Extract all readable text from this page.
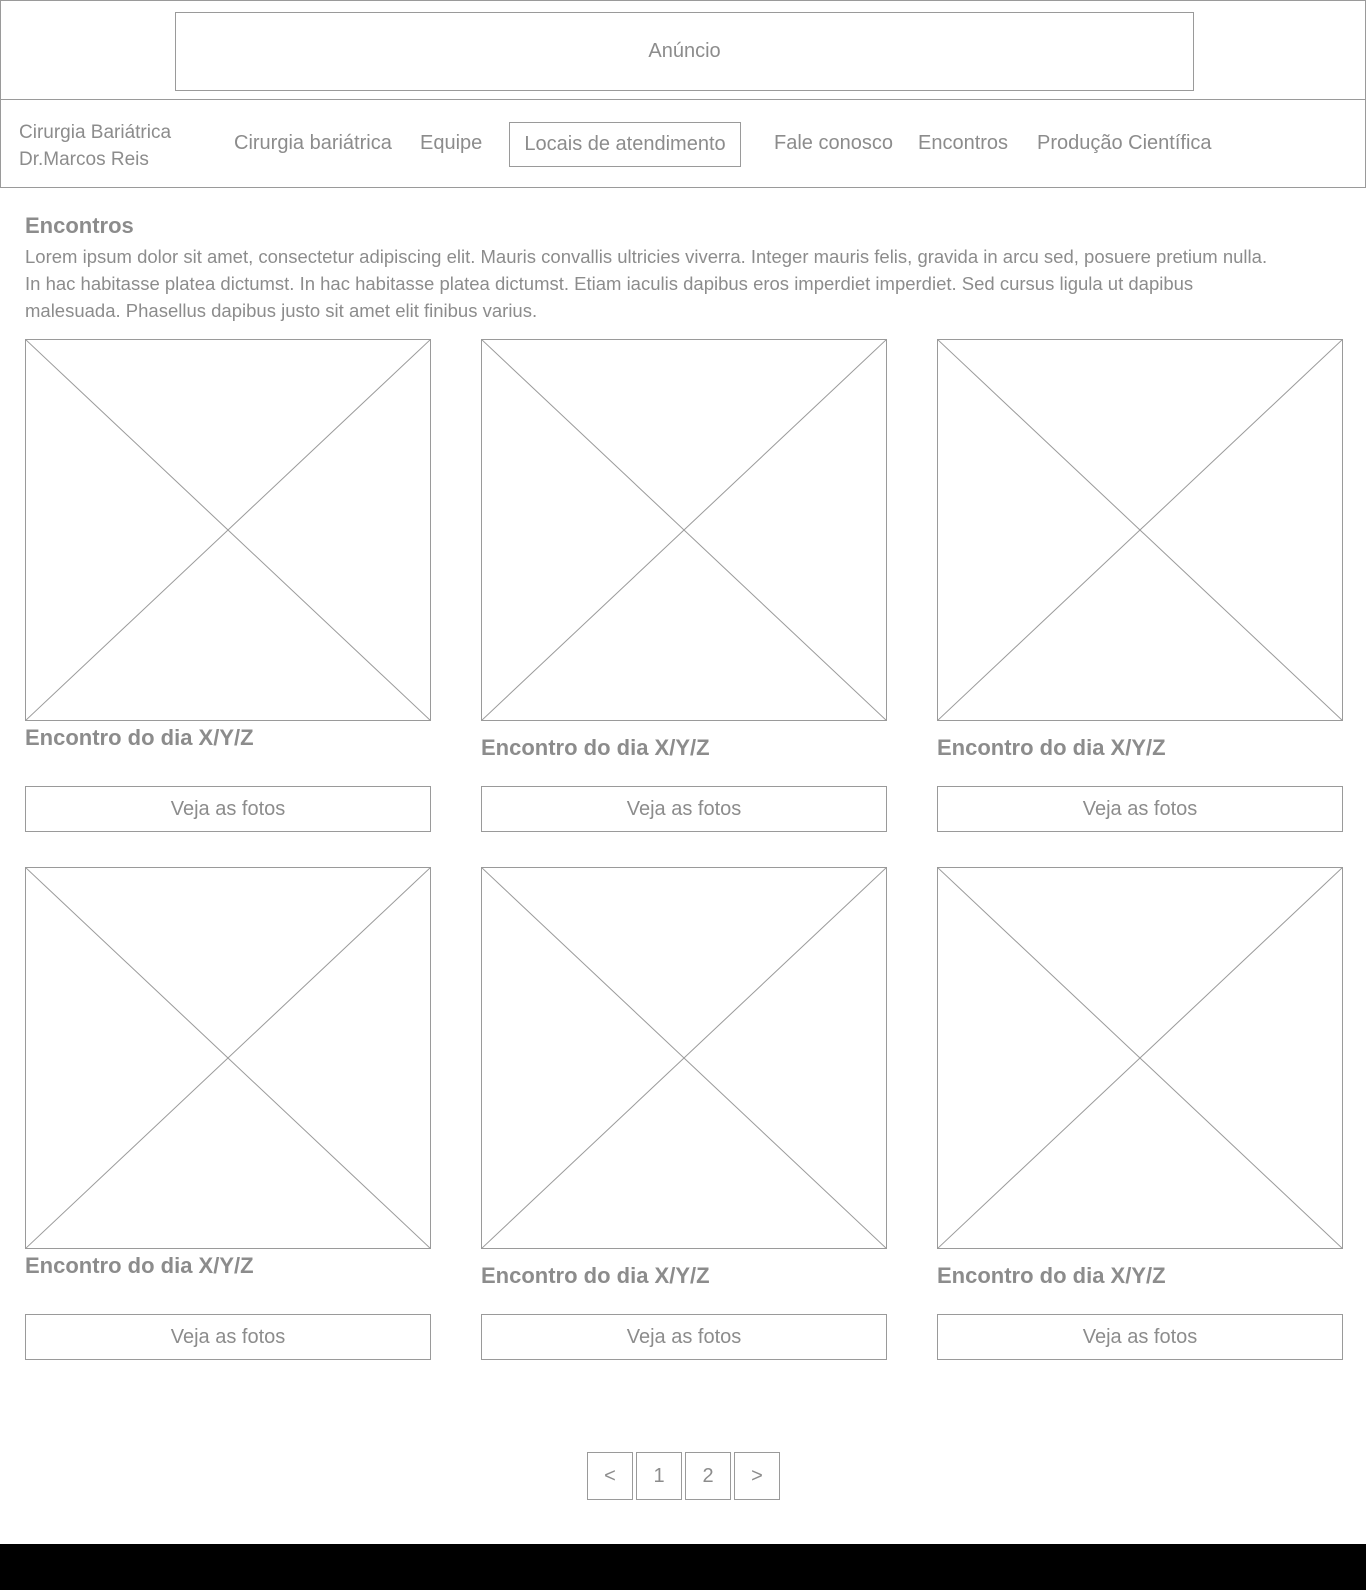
Anúncio
Cirurgia Bariátrica
Dr.Marcos Reis
Cirurgia bariátrica Equipe Locais de atendimento Fale conosco Encontros Produção Científica
Encontros

Lorem ipsum dolor sit amet, consectetur adipiscing elit. Mauris convallis ultricies viverra. Integer mauris felis, gravida in arcu sed, posuere pretium nulla. In hac habitasse platea dictumst. In hac habitasse platea dictumst. Etiam iaculis dapibus eros imperdiet imperdiet. Sed cursus ligula ut dapibus malesuada. Phasellus dapibus justo sit amet elit finibus varius.

Encontro do dia X/Y/Z
Veja as fotos
Encontro do dia X/Y/Z
Veja as fotos
Encontro do dia X/Y/Z
Veja as fotos
Encontro do dia X/Y/Z
Veja as fotos
Encontro do dia X/Y/Z
Veja as fotos
Encontro do dia X/Y/Z
Veja as fotos
< 1 2 >
